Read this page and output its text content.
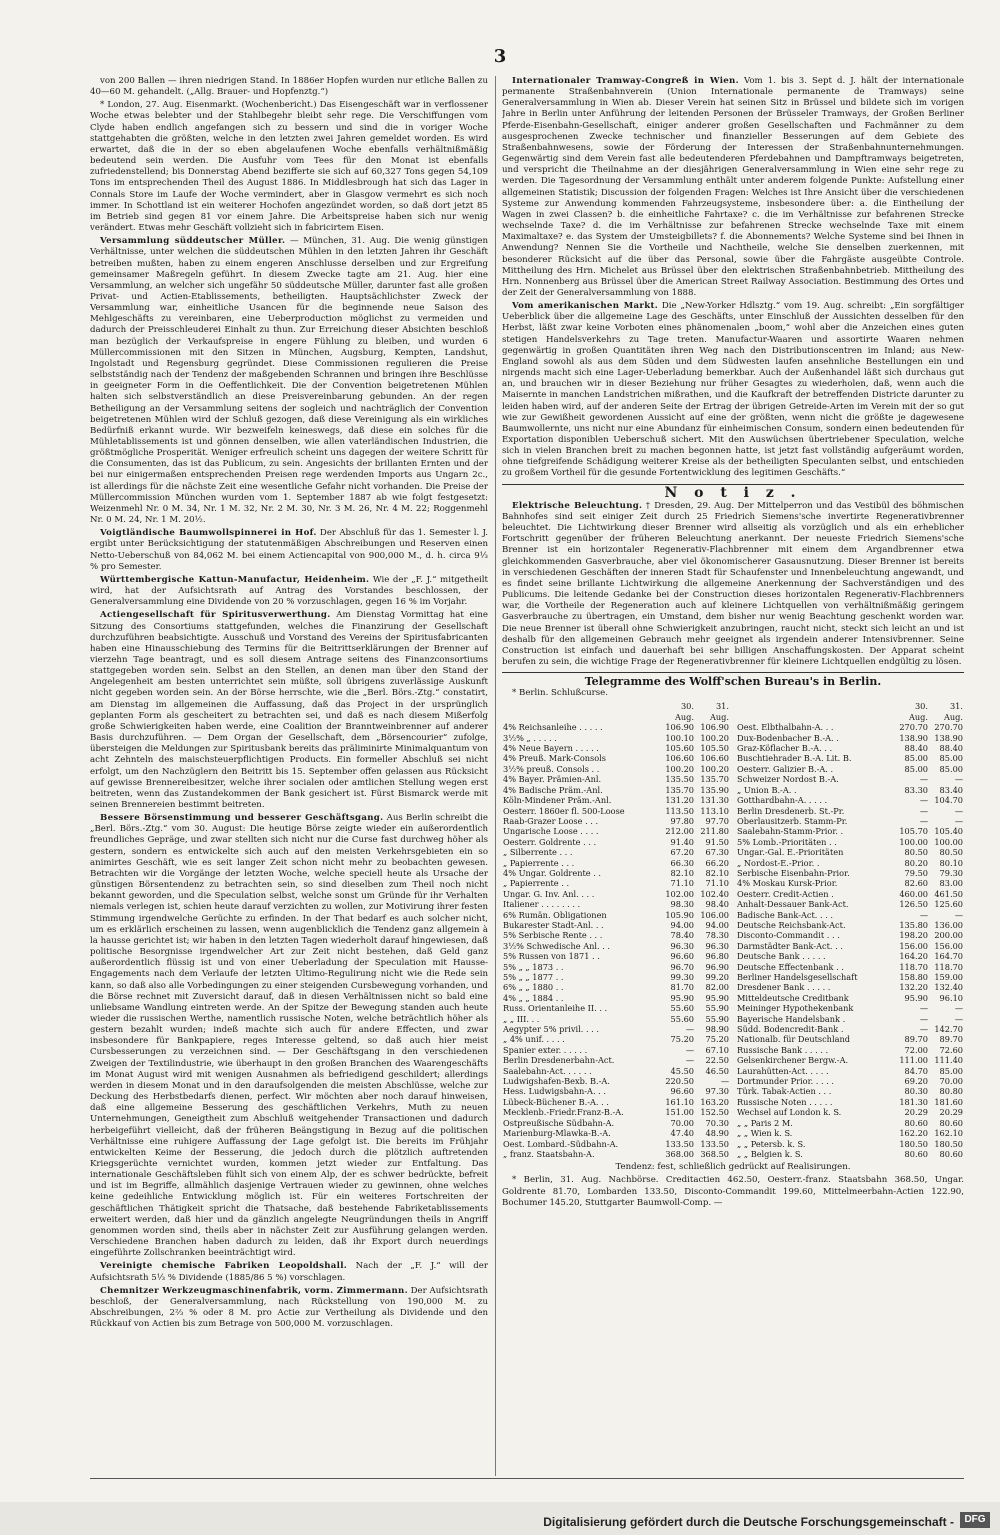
3

von 200 Ballen — ihren niedrigen Stand. In 1886er Hopfen wurden nur etliche Ballen zu 40—60 M. gehandelt. („Allg. Brauer- und Hopfenztg.“)

* London, 27. Aug. Eisenmarkt. (Wochenbericht.) Das Eisengeschäft war in verflossener Woche etwas belebter und der Stahlbegehr bleibt sehr rege. Die Verschiffungen vom Clyde haben endlich angefangen sich zu bessern und sind die in voriger Woche stattgehabten die größten, welche in den letzten zwei Jahren gemeldet worden. Es wird erwartet, daß die in der so eben abgelaufenen Woche ebenfalls verhältnißmäßig bedeutend sein werden. Die Ausfuhr vom Tees für den Monat ist ebenfalls zufriedenstellend; bis Donnerstag Abend bezifferte sie sich auf 60,327 Tons gegen 54,109 Tons im entsprechenden Theil des August 1886. In Middlesbrough hat sich das Lager in Connals Store im Laufe der Woche vermindert, aber in Glasgow vermehrt es sich noch immer. In Schottland ist ein weiterer Hochofen angezündet worden, so daß dort jetzt 85 im Betrieb sind gegen 81 vor einem Jahre. Die Arbeitspreise haben sich nur wenig verändert. Etwas mehr Geschäft vollzieht sich in fabricirtem Eisen.

Versammlung süddeutscher Müller. — München, 31. Aug. Die wenig günstigen Verhältnisse, unter welchen die süddeutschen Mühlen in den letzten Jahren ihr Geschäft betreiben mußten, haben zu einem engeren Anschlusse derselben und zur Ergreifung gemeinsamer Maßregeln geführt. In diesem Zwecke tagte am 21. Aug. hier eine Versammlung, an welcher sich ungefähr 50 süddeutsche Müller, darunter fast alle großen Privat- und Actien-Etablissements, betheiligten. Hauptsächlichster Zweck der Versammlung war, einheitliche Usancen für die beginnende neue Saison des Mehlgeschäfts zu vereinbaren, eine Ueberproduction möglichst zu vermeiden und dadurch der Preisschleuderei Einhalt zu thun. Zur Erreichung dieser Absichten beschloß man bezüglich der Verkaufspreise in engere Fühlung zu bleiben, und wurden 6 Müllercommissionen mit den Sitzen in München, Augsburg, Kempten, Landshut, Ingolstadt und Regensburg gegründet. Diese Commissionen regulieren die Preise selbstständig nach der Tendenz der maßgebenden Schrannen und bringen ihre Beschlüsse in geeigneter Form in die Oeffentlichkeit. Die der Convention beigetretenen Mühlen halten sich selbstverständlich an diese Preisvereinbarung gebunden. An der regen Betheiligung an der Versammlung seitens der sogleich und nachträglich der Convention beigetretenen Mühlen wird der Schluß gezogen, daß diese Vereinigung als ein wirkliches Bedürfniß erkannt wurde. Wir bezweifeln keineswegs, daß diese ein solches für die Mühletablissements ist und gönnen denselben, wie allen vaterländischen Industrien, die größtmögliche Prosperität. Weniger erfreulich scheint uns dagegen der weitere Schritt für die Consumenten, das ist das Publicum, zu sein. Angesichts der brillanten Ernten und der bei nur einigermaßen entsprechenden Preisen rege werdenden Imports aus Ungarn 2c., ist allerdings für die nächste Zeit eine wesentliche Gefahr nicht vorhanden. Die Preise der Müllercommission München wurden vom 1. September 1887 ab wie folgt festgesetzt: Weizenmehl Nr. 0 M. 34, Nr. 1 M. 32, Nr. 2 M. 30, Nr. 3 M. 26, Nr. 4 M. 22; Roggenmehl Nr. 0 M. 24, Nr. 1 M. 20½.

Voigtländische Baumwollspinnerei in Hof. Der Abschluß für das 1. Semester l. J. ergibt unter Berücksichtigung der statutenmäßigen Abschreibungen und Reserven einen Netto-Ueberschuß von 84,062 M. bei einem Actiencapital von 900,000 M., d. h. circa 9⅓ % pro Semester.

Württembergische Kattun-Manufactur, Heidenheim. Wie der „F. J.“ mitgetheilt wird, hat der Aufsichtsrath auf Antrag des Vorstandes beschlossen, der Generalversammlung eine Dividende von 20 % vorzuschlagen, gegen 16 % im Vorjahr.

Actiengesellschaft für Spiritusverwerthung. Am Dienstag Vormittag hat eine Sitzung des Consortiums stattgefunden, welches die Finanzirung der Gesellschaft durchzuführen beabsichtigte. Ausschuß und Vorstand des Vereins der Spiritusfabricanten haben eine Hinausschiebung des Termins für die Beitrittserklärungen der Brenner auf vierzehn Tage beantragt, und es soll diesem Antrage seitens des Finanzconsortiums stattgegeben worden sein. Selbst an den Stellen, an denen man über den Stand der Angelegenheit am besten unterrichtet sein müßte, soll übrigens zuverlässige Auskunft nicht gegeben worden sein. An der Börse herrschte, wie die „Berl. Börs.-Ztg.“ constatirt, am Dienstag im allgemeinen die Auffassung, daß das Project in der ursprünglich geplanten Form als gescheitert zu betrachten sei, und daß es nach diesem Mißerfolg große Schwierigkeiten haben werde, eine Coalition der Branntweinbrenner auf anderer Basis durchzuführen. — Dem Organ der Gesellschaft, dem „Börsencourier“ zufolge, übersteigen die Meldungen zur Spiritusbank bereits das präliminirte Minimalquantum von acht Zehnteln des maischsteuerpflichtigen Products. Ein formeller Abschluß sei nicht erfolgt, um den Nachzüglern den Beitritt bis 15. September offen gelassen aus Rücksicht auf gewisse Brennereibesitzer, welche ihrer socialen oder amtlichen Stellung wegen erst beitreten, wenn das Zustandekommen der Bank gesichert ist. Fürst Bismarck werde mit seinen Brennereien bestimmt beitreten.

Bessere Börsenstimmung und besserer Geschäftsgang. Aus Berlin schreibt die „Berl. Börs.-Ztg.“ vom 30. August: Die heutige Börse zeigte wieder ein außerordentlich freundliches Gepräge, und zwar stellten sich nicht nur die Curse fast durchweg höher als gestern, sondern es entwickelte sich auch auf den meisten Verkehrsgebieten ein so animirtes Geschäft, wie es seit langer Zeit schon nicht mehr zu beobachten gewesen. Betrachten wir die Vorgänge der letzten Woche, welche speciell heute als Ursache der günstigen Börsentendenz zu betrachten sein, so sind dieselben zum Theil noch nicht bekannt geworden, und die Speculation selbst, welche sonst um Gründe für ihr Verhalten niemals verlegen ist, schien heute darauf verzichten zu wollen, zur Motivirung ihrer festen Stimmung irgendwelche Gerüchte zu erfinden. In der That bedarf es auch solcher nicht, um es erklärlich erscheinen zu lassen, wenn augenblicklich die Tendenz ganz allgemein à la hausse gerichtet ist; wir haben in den letzten Tagen wiederholt darauf hingewiesen, daß politische Besorgnisse irgendwelcher Art zur Zeit nicht bestehen, daß Geld ganz außerordentlich flüssig ist und von einer Ueberladung der Speculation mit Hausse-Engagements nach dem Verlaufe der letzten Ultimo-Regulirung nicht wie die Rede sein kann, so daß also alle Vorbedingungen zu einer steigenden Cursbewegung vorhanden, und die Börse rechnet mit Zuversicht darauf, daß in diesen Verhältnissen nicht so bald eine unliebsame Wandlung eintreten werde. An der Spitze der Bewegung standen auch heute wieder die russischen Werthe, namentlich russische Noten, welche beträchtlich höher als gestern bezahlt wurden; indeß machte sich auch für andere Effecten, und zwar insbesondere für Bankpapiere, reges Interesse geltend, so daß auch hier meist Cursbesserungen zu verzeichnen sind. — Der Geschäftsgang in den verschiedenen Zweigen der Textilindustrie, wie überhaupt in den großen Branchen des Waarengeschäfts im Monat August wird mit wenigen Ausnahmen als befriedigend geschildert; allerdings werden in diesem Monat und in den daraufsolgenden die meisten Abschlüsse, welche zur Deckung des Herbstbedarfs dienen, perfect. Wir möchten aber noch darauf hinweisen, daß eine allgemeine Besserung des geschäftlichen Verkehrs, Muth zu neuen Unternehmungen, Geneigtheit zum Abschluß weitgehender Transactionen und dadurch herbeigeführt vielleicht, daß der früheren Beängstigung in Bezug auf die politischen Verhältnisse eine ruhigere Auffassung der Lage gefolgt ist. Die bereits im Frühjahr entwickelten Keime der Besserung, die jedoch durch die plötzlich auftretenden Kriegsgerüchte vernichtet wurden, kommen jetzt wieder zur Entfaltung. Das internationale Geschäftsleben fühlt sich von einem Alp, der es schwer bedrückte, befreit und ist im Begriffe, allmählich dasjenige Vertrauen wieder zu gewinnen, ohne welches keine gedeihliche Entwicklung möglich ist. Für ein weiteres Fortschreiten der geschäftlichen Thätigkeit spricht die Thatsache, daß bestehende Fabriketablissements erweitert werden, daß hier und da gänzlich angelegte Neugründungen theils in Angriff genommen worden sind, theils aber in nächster Zeit zur Ausführung gelangen werden. Verschiedene Branchen haben dadurch zu leiden, daß ihr Export durch neuerdings eingeführte Zollschranken beeinträchtigt wird.

Vereinigte chemische Fabriken Leopoldshall. Nach der „F. J.“ will der Aufsichtsrath 5⅓ % Dividende (1885/86 5 %) vorschlagen.

Chemnitzer Werkzeugmaschinenfabrik, vorm. Zimmermann. Der Aufsichtsrath beschloß, der Generalversammlung, nach Rückstellung von 190,000 M. zu Abschreibungen, 2⅔ % oder 8 M. pro Actie zur Vertheilung als Dividende und den Rückkauf von Actien bis zum Betrage von 500,000 M. vorzuschlagen.

Internationaler Tramway-Congreß in Wien. Vom 1. bis 3. Sept d. J. hält der internationale permanente Straßenbahnverein (Union Internationale permanente de Tramways) seine Generalversammlung in Wien ab. Dieser Verein hat seinen Sitz in Brüssel und bildete sich im vorigen Jahre in Berlin unter Anführung der leitenden Personen der Brüsseler Tramways, der Großen Berliner Pferde-Eisenbahn-Gesellschaft, einiger anderer großen Gesellschaften und Fachmänner zu dem ausgesprochenen Zwecke technischer und finanzieller Besserungen auf dem Gebiete des Straßenbahnwesens, sowie der Förderung der Interessen der Straßenbahnunternehmungen. Gegenwärtig sind dem Verein fast alle bedeutenderen Pferdebahnen und Dampftramways beigetreten, und verspricht die Theilnahme an der diesjährigen Generalversammlung in Wien eine sehr rege zu werden. Die Tagesordnung der Versammlung enthält unter anderem folgende Punkte: Aufstellung einer allgemeinen Statistik; Discussion der folgenden Fragen: Welches ist Ihre Ansicht über die verschiedenen Systeme zur Anwendung kommenden Fahrzeugsysteme, insbesondere über: a. die Eintheilung der Wagen in zwei Classen? b. die einheitliche Fahrtaxe? c. die im Verhältnisse zur befahrenen Strecke wechselnde Taxe? d. die im Verhältnisse zur befahrenen Strecke wechselnde Taxe mit einem Maximaltaxe? e. das System der Umsteigbillets? f. die Abonnements? Welche Systeme sind bei Ihnen in Anwendung? Nennen Sie die Vortheile und Nachtheile, welche Sie denselben zuerkennen, mit besonderer Rücksicht auf die über das Personal, sowie über die Fahrgäste ausgeübte Controle. Mittheilung des Hrn. Michelet aus Brüssel über den elektrischen Straßenbahnbetrieb. Mittheilung des Hrn. Nonnenberg aus Brüssel über die American Street Railway Association. Bestimmung des Ortes und der Zeit der Generalversammlung von 1888.

Vom amerikanischen Markt. Die „New-Yorker Hdlsztg.“ vom 19. Aug. schreibt: „Ein sorgfältiger Ueberblick über die allgemeine Lage des Geschäfts, unter Einschluß der Aussichten desselben für den Herbst, läßt zwar keine Vorboten eines phänomenalen „boom,“ wohl aber die Anzeichen eines guten stetigen Handelsverkehrs zu Tage treten. Manufactur-Waaren und assortirte Waaren nehmen gegenwärtig in großen Quantitäten ihren Weg nach den Distributionscentren im Inland; aus New-England sowohl als aus dem Süden und dem Südwesten laufen ansehnliche Bestellungen ein und nirgends macht sich eine Lager-Ueberladung bemerkbar. Auch der Außenhandel läßt sich durchaus gut an, und brauchen wir in dieser Beziehung nur früher Gesagtes zu wiederholen, daß, wenn auch die Maisernte in manchen Landstrichen mißrathen, und die Kaufkraft der betreffenden Districte darunter zu leiden haben wird, auf der anderen Seite der Ertrag der übrigen Getreide-Arten im Verein mit der so gut wie zur Gewißheit gewordenen Aussicht auf eine der größten, wenn nicht die größte je dagewesene Baumwollernte, uns nicht nur eine Abundanz für einheimischen Consum, sondern einen bedeutenden für Exportation disponiblen Ueberschuß sichert. Mit den Auswüchsen übertriebener Speculation, welche sich in vielen Branchen breit zu machen begonnen hatte, ist jetzt fast vollständig aufgeräumt worden, ohne tiefgreifende Schädigung weiterer Kreise als der betheiligten Speculanten selbst, und entschieden zu großem Vortheil für die gesunde Fortentwicklung des legitimen Geschäfts.“

N o t i z .

Elektrische Beleuchtung. † Dresden, 29. Aug. Der Mittelperron und das Vestibül des böhmischen Bahnhofes sind seit einiger Zeit durch 25 Friedrich Siemens'sche invertirte Regenerativbrenner beleuchtet. Die Lichtwirkung dieser Brenner wird allseitig als vorzüglich und als ein erheblicher Fortschritt gegenüber der früheren Beleuchtung anerkannt. Der neueste Friedrich Siemens'sche Brenner ist ein horizontaler Regenerativ-Flachbrenner mit einem dem Argandbrenner etwa gleichkommenden Gasverbrauche, aber viel ökonomischerer Gasausnutzung. Dieser Brenner ist bereits in verschiedenen Geschäften der inneren Stadt für Schaufenster und Innenbeleuchtung angewandt, und es findet seine brillante Lichtwirkung die allgemeine Anerkennung der Sachverständigen und des Publicums. Die leitende Gedanke bei der Construction dieses horizontalen Regenerativ-Flachbrenners war, die Vortheile der Regeneration auch auf kleinere Lichtquellen von verhältnißmäßig geringem Gasverbrauche zu übertragen, ein Umstand, dem bisher nur wenig Beachtung geschenkt worden war. Die neue Brenner ist überall ohne Schwierigkeit anzubringen, raucht nicht, steckt sich leicht an und ist deshalb für den allgemeinen Gebrauch mehr geeignet als irgendein anderer Intensivbrenner. Seine Construction ist einfach und dauerhaft bei sehr billigen Anschaffungskosten. Der Apparat scheint berufen zu sein, die wichtige Frage der Regenerativbrenner für kleinere Lichtquellen endgültig zu lösen.

Telegramme des Wolff'schen Bureau's in Berlin.
* Berlin. Schlußcurse.
	30. Aug.	31. Aug.
4% Reichsanleihe . . . . .	106.90	106.90
3½% „ . . . . .	100.10	100.20
4% Neue Bayern . . . . .	105.60	105.50
4% Preuß. Mark-Consols	106.60	106.60
3½% preuß. Consols . .	100.20	100.20
4% Bayer. Prämien-Anl.	135.50	135.70
4% Badische Präm.-Anl.	135.70	135.90
Köln-Mindener Präm.-Anl.	131.20	131.30
Oesterr. 1860er fl. 500-Loose	113.50	113.10
Raab-Grazer Loose . . .	97.80	97.70
Ungarische Loose . . . .	212.00	211.80
Oesterr. Goldrente . . .	91.40	91.50
„ Silberrente . . .	67.20	67.30
„ Papierrente . . .	66.30	66.20
4% Ungar. Goldrente . .	82.10	82.10
„ Papierrente . .	71.10	71.10
Ungar. G. Inv. Anl. . . .	102.00	102.40
Italiener . . . . . . . .	98.30	98.40
6% Rumän. Obligationen	105.90	106.00
Bukarester Stadt-Anl. . .	94.00	94.00
5% Serbische Rente . . .	78.40	78.30
3½% Schwedische Anl. . .	96.30	96.30
5% Russen von 1871 . .	96.60	96.80
5% „ „ 1873 . .	96.70	96.90
5% „ „ 1877 . .	99.30	99.20
6% „ „ 1880 . .	81.70	82.00
4% „ „ 1884 . .	95.90	95.90
Russ. Orientanleihe II. . .	55.60	55.90
„ „ III. . .	55.60	55.90
Aegypter 5% privil. . . .	—	98.90
„ 4% unif. . . . .	75.20	75.20
Spanier exter. . . . . .	—	67.10
Berlin Dresdenerbahn-Act.	—	22.50
Saalebahn-Act. . . . . .	45.50	46.50
Ludwigshafen-Bexb. B.-A.	220.50	—
Hess. Ludwigsbahn-A. . .	96.60	97.30
Lübeck-Büchener B.-A. . .	161.10	163.20
Mecklenb.-Friedr.Franz-B.-A.	151.00	152.50
Ostpreußische Südbahn-A.	70.00	70.30
Marienburg-Mlawka-B.-A.	47.40	48.90
Oest. Lombard.-Südbahn-A.	133.50	133.50
„ franz. Staatsbahn-A.	368.00	368.50
	30. Aug.	31. Aug.
Oest. Elbthalbahn-A. . .	270.70	270.70
Dux-Bodenbacher B.-A. .	138.90	138.90
Graz-Köflacher B.-A. . .	88.40	88.40
Buschtiehrader B.-A. Lit. B.	85.00	85.00
Oesterr. Galizier B.-A. .	85.00	85.00
Schweizer Nordost B.-A.	—	—
„ Union B.-A. .	83.30	83.40
Gotthardbahn-A. . . . .	—	104.70
Berlin Dresdenerb. St.-Pr.	—	—
Oberlausitzerb. Stamm-Pr.	—	—
Saalebahn-Stamm-Prior. .	105.70	105.40
5% Lomb.-Prioritäten . .	100.00	100.00
Ungar.-Gal. E.-Prioritäten	80.50	80.50
„ Nordost-E.-Prior. .	80.20	80.10
Serbische Eisenbahn-Prior.	79.50	79.30
4% Moskau Kursk-Prior.	82.60	83.00
Oesterr. Credit-Actien .	460.00	461.50
Anhalt-Dessauer Bank-Act.	126.50	125.60
Badische Bank-Act. . . .	—	—
Deutsche Reichsbank-Act.	135.80	136.00
Disconto-Commandit . . .	198.20	200.00
Darmstädter Bank-Act. . .	156.00	156.00
Deutsche Bank . . . . .	164.20	164.70
Deutsche Effectenbank . .	118.70	118.70
Berliner Handelsgesellschaft	158.80	159.00
Dresdener Bank . . . . .	132.20	132.40
Mitteldeutsche Creditbank	95.90	96.10
Meininger Hypothekenbank	—	—
Bayerische Handelsbank .	—	—
Südd. Bodencredit-Bank .	—	142.70
Nationalb. für Deutschland	89.70	89.70
Russische Bank . . . . .	72.00	72.60
Gelsenkirchener Bergw.-A.	111.00	111.40
Laurahütten-Act. . . . .	84.70	85.00
Dortmunder Prior. . . . .	69.20	70.00
Türk. Tabak-Actien . . .	80.30	80.80
Russische Noten . . . . .	181.30	181.60
Wechsel auf London k. S.	20.29	20.29
„ „ Paris 2 M.	80.60	80.60
„ „ Wien k. S.	162.20	162.10
„ „ Petersb. k. S.	180.50	180.50
„ „ Belgien k. S.	80.60	80.60
Tendenz: fest, schließlich gedrückt auf Realisirungen.

* Berlin, 31. Aug. Nachbörse. Creditactien 462.50, Oesterr.-franz. Staatsbahn 368.50, Ungar. Goldrente 81.70, Lombarden 133.50, Disconto-Commandit 199.60, Mittelmeerbahn-Actien 122.90, Bochumer 145.20, Stuttgarter Baumwoll-Comp. —

Digitalisierung gefördert durch die Deutsche Forschungsgemeinschaft -	DFG
